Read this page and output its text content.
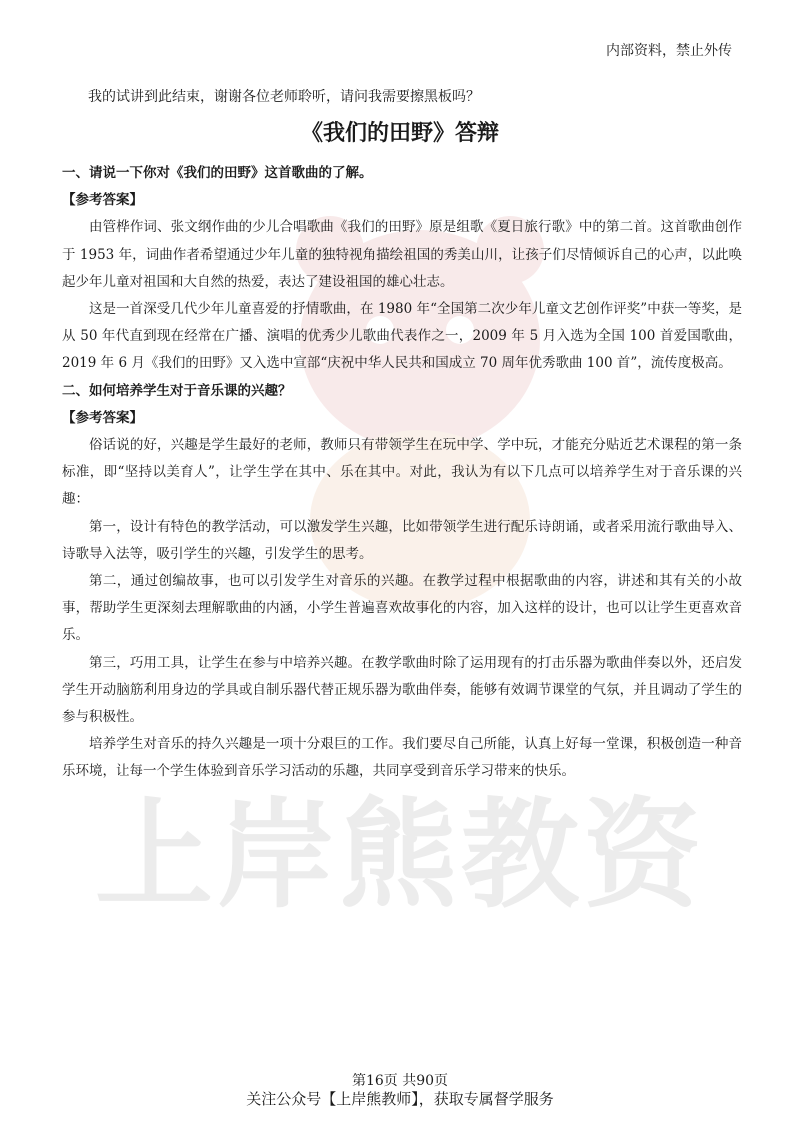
上岸熊教资
内部资料，禁止外传
我的试讲到此结束，谢谢各位老师聆听，请问我需要擦黑板吗？
《我们的田野》答辩

一、请说一下你对《我们的田野》这首歌曲的了解。

【参考答案】

由管桦作词、张文纲作曲的少儿合唱歌曲《我们的田野》原是组歌《夏日旅行歌》中的第二首。这首歌曲创作于 1953 年，词曲作者希望通过少年儿童的独特视角描绘祖国的秀美山川，让孩子们尽情倾诉自己的心声，以此唤起少年儿童对祖国和大自然的热爱，表达了建设祖国的雄心壮志。

这是一首深受几代少年儿童喜爱的抒情歌曲，在 1980 年“全国第二次少年儿童文艺创作评奖”中获一等奖，是从 50 年代直到现在经常在广播、演唱的优秀少儿歌曲代表作之一，2009 年 5 月入选为全国 100 首爱国歌曲，2019 年 6 月《我们的田野》又入选中宣部“庆祝中华人民共和国成立 70 周年优秀歌曲 100 首”，流传度极高。

二、如何培养学生对于音乐课的兴趣？

【参考答案】

俗话说的好，兴趣是学生最好的老师，教师只有带领学生在玩中学、学中玩，才能充分贴近艺术课程的第一条标准，即“坚持以美育人”，让学生学在其中、乐在其中。对此，我认为有以下几点可以培养学生对于音乐课的兴趣：

第一，设计有特色的教学活动，可以激发学生兴趣，比如带领学生进行配乐诗朗诵，或者采用流行歌曲导入、诗歌导入法等，吸引学生的兴趣，引发学生的思考。

第二，通过创编故事，也可以引发学生对音乐的兴趣。在教学过程中根据歌曲的内容，讲述和其有关的小故事，帮助学生更深刻去理解歌曲的内涵，小学生普遍喜欢故事化的内容，加入这样的设计，也可以让学生更喜欢音乐。

第三，巧用工具，让学生在参与中培养兴趣。在教学歌曲时除了运用现有的打击乐器为歌曲伴奏以外，还启发学生开动脑筋利用身边的学具或自制乐器代替正规乐器为歌曲伴奏，能够有效调节课堂的气氛，并且调动了学生的参与积极性。

培养学生对音乐的持久兴趣是一项十分艰巨的工作。我们要尽自己所能，认真上好每一堂课，积极创造一种音乐环境，让每一个学生体验到音乐学习活动的乐趣，共同享受到音乐学习带来的快乐。

第16页 共90页
关注公众号【上岸熊教师】，获取专属督学服务
